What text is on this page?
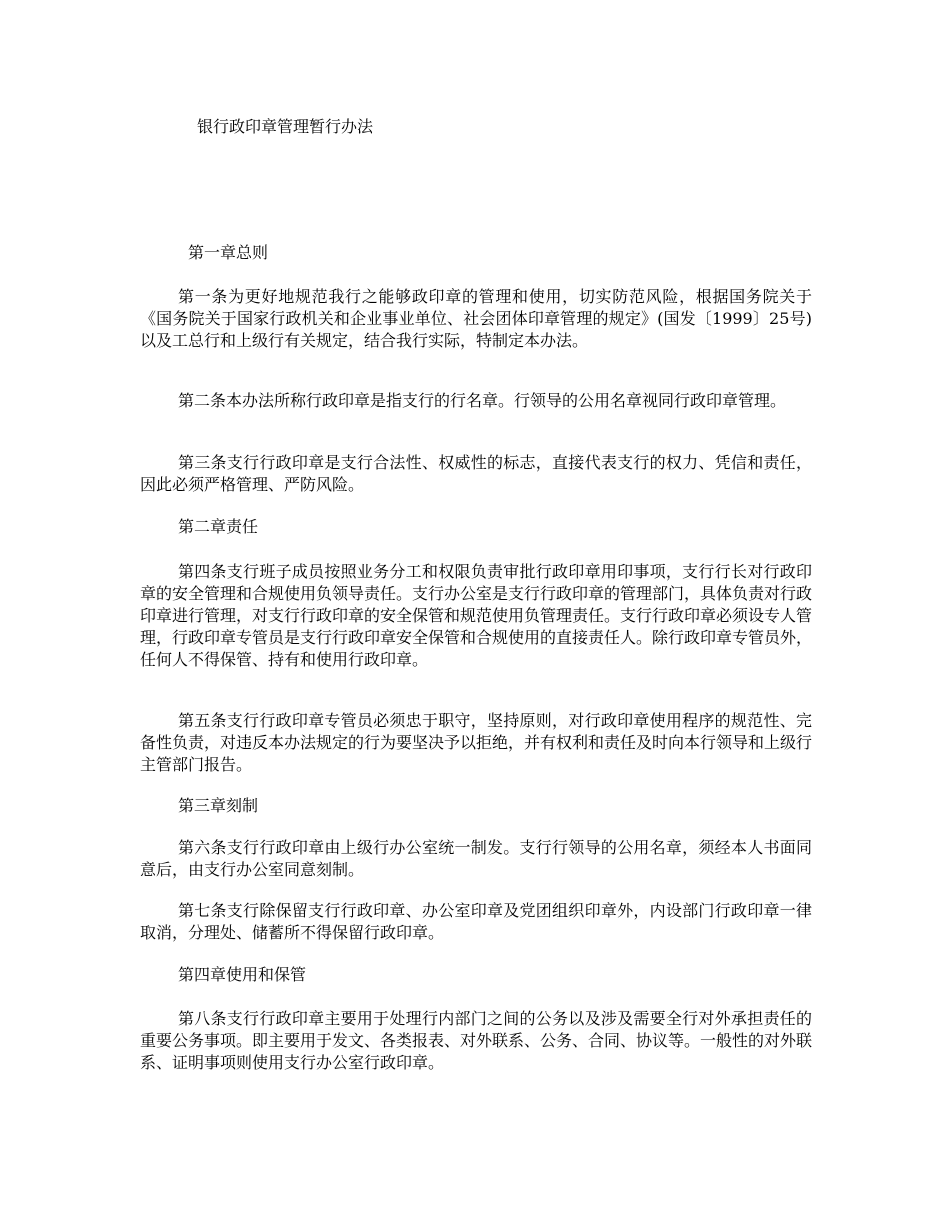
银行政印章管理暂行办法
第一章总则
第一条为更好地规范我行之能够政印章的管理和使用，切实防范风险，根据国务院关于《国务院关于国家行政机关和企业事业单位、社会团体印章管理的规定》(国发〔1999〕25号)以及工总行和上级行有关规定，结合我行实际，特制定本办法。
第二条本办法所称行政印章是指支行的行名章。行领导的公用名章视同行政印章管理。
第三条支行行政印章是支行合法性、权威性的标志，直接代表支行的权力、凭信和责任，因此必须严格管理、严防风险。
第二章责任
第四条支行班子成员按照业务分工和权限负责审批行政印章用印事项，支行行长对行政印章的安全管理和合规使用负领导责任。支行办公室是支行行政印章的管理部门，具体负责对行政印章进行管理，对支行行政印章的安全保管和规范使用负管理责任。支行行政印章必须设专人管理，行政印章专管员是支行行政印章安全保管和合规使用的直接责任人。除行政印章专管员外，任何人不得保管、持有和使用行政印章。
第五条支行行政印章专管员必须忠于职守，坚持原则，对行政印章使用程序的规范性、完备性负责，对违反本办法规定的行为要坚决予以拒绝，并有权利和责任及时向本行领导和上级行主管部门报告。
第三章刻制
第六条支行行政印章由上级行办公室统一制发。支行行领导的公用名章，须经本人书面同意后，由支行办公室同意刻制。
第七条支行除保留支行行政印章、办公室印章及党团组织印章外，内设部门行政印章一律取消，分理处、储蓄所不得保留行政印章。
第四章使用和保管
第八条支行行政印章主要用于处理行内部门之间的公务以及涉及需要全行对外承担责任的重要公务事项。即主要用于发文、各类报表、对外联系、公务、合同、协议等。一般性的对外联系、证明事项则使用支行办公室行政印章。
